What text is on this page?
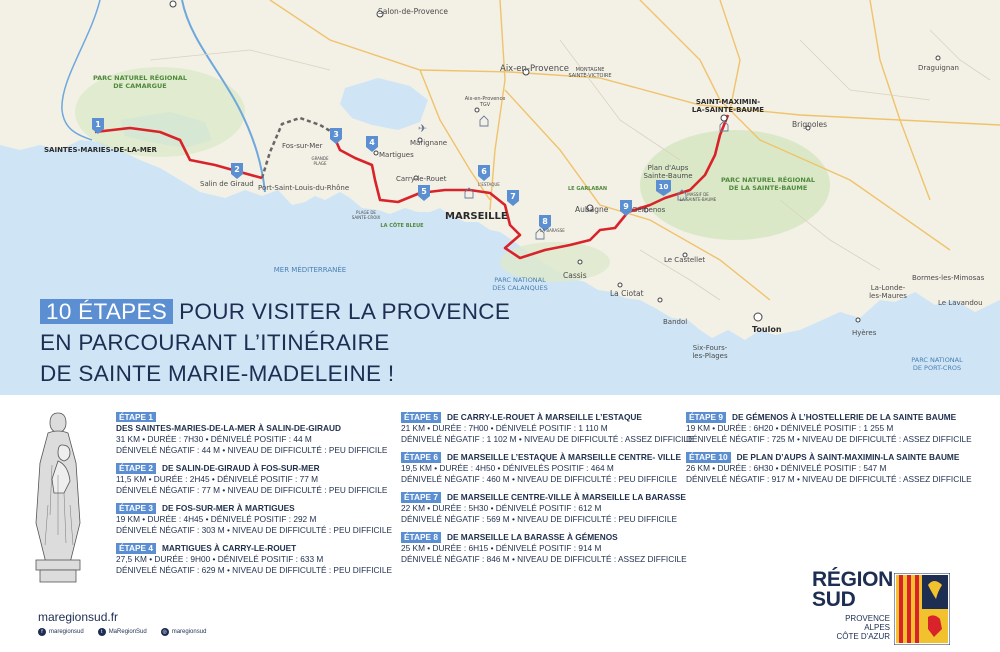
1
2
3
4
5
6
7
8
9
10
✈
Salon-de-Provence
Aix-en-Provence MONTAGNE
SAINTE-VICTOIRE
Aix-en-Provence
TGV
Marignane
Fos-sur-Mer
GRANDE
PLAGE
Martigues
Carry-le-Rouet
PLAGE DE
SAINTE-CROIX
LA CÔTE BLEUE
L'ESTAQUE
MARSEILLE
LA BARASSE
LE GARLABAN
Aubagne	Gémenos
Plan d'Aups
Sainte-Baume
MASSIF DE
LA SAINTE-BAUME
SAINT-MAXIMIN-
LA-SAINTE-BAUME
Brignoles
Draguignan
SAINTES-MARIES-DE-LA-MER
Salin de Giraud Port-Saint-Louis-du-Rhône
Cassis
La Ciotat
Le Castellet
Bandol
Six-Fours-
les-Plages
Toulon	Hyères
La-Londe-
les-Maures
Bormes-les-Mimosas
Le Lavandou
PARC NATUREL RÉGIONAL
DE CAMARGUE
PARC NATUREL RÉGIONAL
DE LA SAINTE-BAUME
PARC NATIONAL
DES CALANQUES
PARC NATIONAL
DE PORT-CROS
MER MÉDITERRANÉE
10 ÉTAPES POUR VISITER LA PROVENCE
EN PARCOURANT L’ITINÉRAIRE
DE SAINTE MARIE-MADELEINE !
ÉTAPE 1
DES SAINTES-MARIES-DE-LA-MER À SALIN-DE-GIRAUD
31 KM • DURÉE : 7H30 • DÉNIVELÉ POSITIF : 44 M
DÉNIVELÉ NÉGATIF : 44 M • NIVEAU DE DIFFICULTÉ : PEU DIFFICILE
ÉTAPE 2	DE SALIN-DE-GIRAUD À FOS-SUR-MER
11,5 KM • DURÉE : 2H45 • DÉNIVELÉ POSITIF : 77 M
DÉNIVELÉ NÉGATIF : 77 M • NIVEAU DE DIFFICULTÉ : PEU DIFFICILE
ÉTAPE 3	DE FOS-SUR-MER À MARTIGUES
19 KM • DURÉE : 4H45 • DÉNIVELÉ POSITIF : 292 M
DÉNIVELÉ NÉGATIF : 303 M • NIVEAU DE DIFFICULTÉ : PEU DIFFICILE
ÉTAPE 4	MARTIGUES À CARRY-LE-ROUET
27,5 KM • DURÉE : 9H00 • DÉNIVELÉ POSITIF : 633 M
DÉNIVELÉ NÉGATIF : 629 M • NIVEAU DE DIFFICULTÉ : PEU DIFFICILE
ÉTAPE 5	DE CARRY-LE-ROUET À MARSEILLE L’ESTAQUE
21 KM • DURÉE : 7H00 • DÉNIVELÉ POSITIF : 1 110 M
DÉNIVELÉ NÉGATIF : 1 102 M • NIVEAU DE DIFFICULTÉ : ASSEZ DIFFICILE
ÉTAPE 6	DE MARSEILLE L’ESTAQUE À MARSEILLE CENTRE- VILLE
19,5 KM • DURÉE : 4H50 • DÉNIVELÉS POSITIF : 464 M
DÉNIVELÉ NÉGATIF : 460 M • NIVEAU DE DIFFICULTÉ : PEU DIFFICILE
ÉTAPE 7	DE MARSEILLE CENTRE-VILLE À MARSEILLE LA BARASSE
22 KM • DURÉE : 5H30 • DÉNIVELÉ POSITIF : 612 M
DÉNIVELÉ NÉGATIF : 569 M • NIVEAU DE DIFFICULTÉ : PEU DIFFICILE
ÉTAPE 8	DE MARSEILLE LA BARASSE À GÉMENOS
25 KM • DURÉE : 6H15 • DÉNIVELÉ POSITIF : 914 M
DÉNIVELÉ NÉGATIF : 846 M • NIVEAU DE DIFFICULTÉ : ASSEZ DIFFICILE
ÉTAPE 9	DE GÉMENOS À L’HOSTELLERIE DE LA SAINTE BAUME
19 KM • DURÉE : 6H20 • DÉNIVELÉ POSITIF : 1 255 M
DÉNIVELÉ NÉGATIF : 725 M • NIVEAU DE DIFFICULTÉ : ASSEZ DIFFICILE
ÉTAPE 10	DE PLAN D’AUPS À SAINT-MAXIMIN-LA SAINTE BAUME
26 KM • DURÉE : 6H30 • DÉNIVELÉ POSITIF : 547 M
DÉNIVELÉ NÉGATIF : 917 M • NIVEAU DE DIFFICULTÉ : ASSEZ DIFFICILE
maregionsud.fr
f	maregionsud	t	MaRegionSud	◎ maregionsud
RÉGION
SUD
PROVENCE
ALPES
CÔTE D'AZUR
